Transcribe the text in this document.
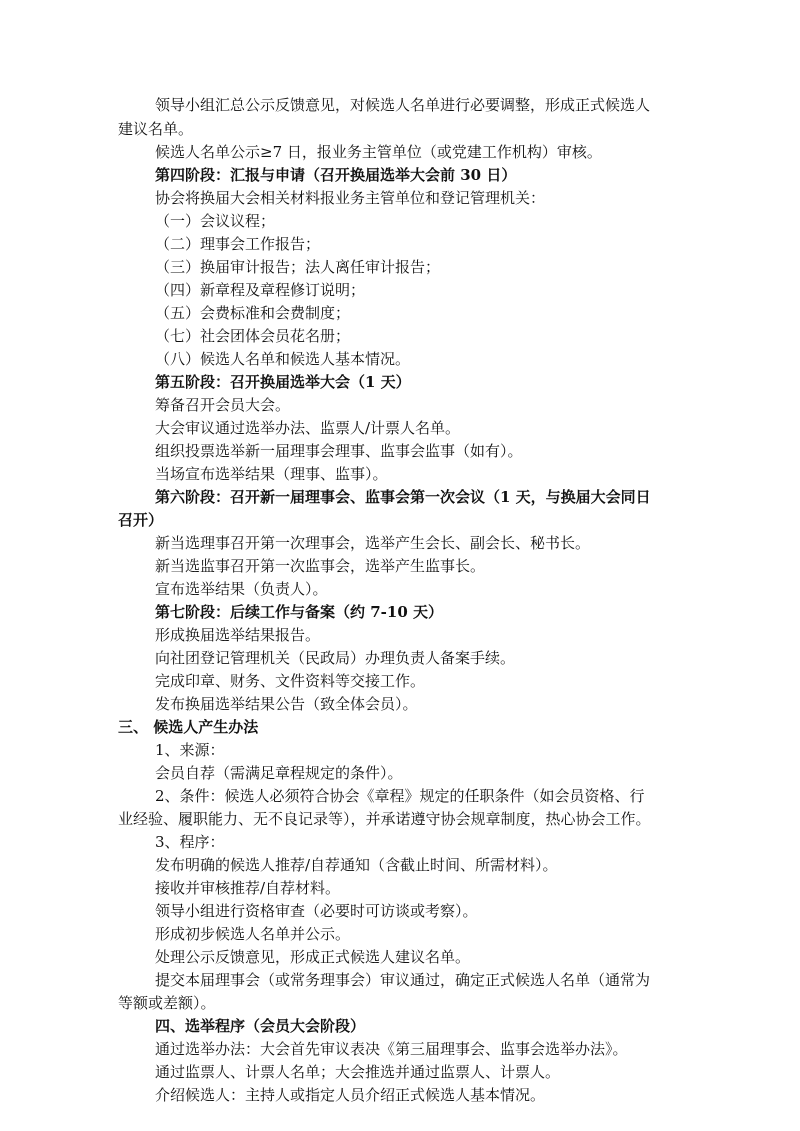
领导小组汇总公示反馈意见，对候选人名单进行必要调整，形成正式候选人
建议名单。
候选人名单公示≥7 日，报业务主管单位（或党建工作机构）审核。
第四阶段：汇报与申请（召开换届选举大会前 30 日）
协会将换届大会相关材料报业务主管单位和登记管理机关：
（一）会议议程；
（二）理事会工作报告；
（三）换届审计报告；法人离任审计报告；
（四）新章程及章程修订说明；
（五）会费标准和会费制度；
（七）社会团体会员花名册；
（八）候选人名单和候选人基本情况。
第五阶段：召开换届选举大会（1 天）
筹备召开会员大会。
大会审议通过选举办法、监票人/计票人名单。
组织投票选举新一届理事会理事、监事会监事（如有）。
当场宣布选举结果（理事、监事）。
第六阶段：召开新一届理事会、监事会第一次会议（1 天，与换届大会同日
召开）
新当选理事召开第一次理事会，选举产生会长、副会长、秘书长。
新当选监事召开第一次监事会，选举产生监事长。
宣布选举结果（负责人）。
第七阶段：后续工作与备案（约 7-10 天）
形成换届选举结果报告。
向社团登记管理机关（民政局）办理负责人备案手续。
完成印章、财务、文件资料等交接工作。
发布换届选举结果公告（致全体会员）。
三、 候选人产生办法
1、来源：
会员自荐（需满足章程规定的条件）。
2、条件：候选人必须符合协会《章程》规定的任职条件（如会员资格、行
业经验、履职能力、无不良记录等），并承诺遵守协会规章制度，热心协会工作。
3、程序：
发布明确的候选人推荐/自荐通知（含截止时间、所需材料）。
接收并审核推荐/自荐材料。
领导小组进行资格审查（必要时可访谈或考察）。
形成初步候选人名单并公示。
处理公示反馈意见，形成正式候选人建议名单。
提交本届理事会（或常务理事会）审议通过，确定正式候选人名单（通常为
等额或差额）。
四、选举程序（会员大会阶段）
通过选举办法：大会首先审议表决《第三届理事会、监事会选举办法》。
通过监票人、计票人名单；大会推选并通过监票人、计票人。
介绍候选人：主持人或指定人员介绍正式候选人基本情况。
